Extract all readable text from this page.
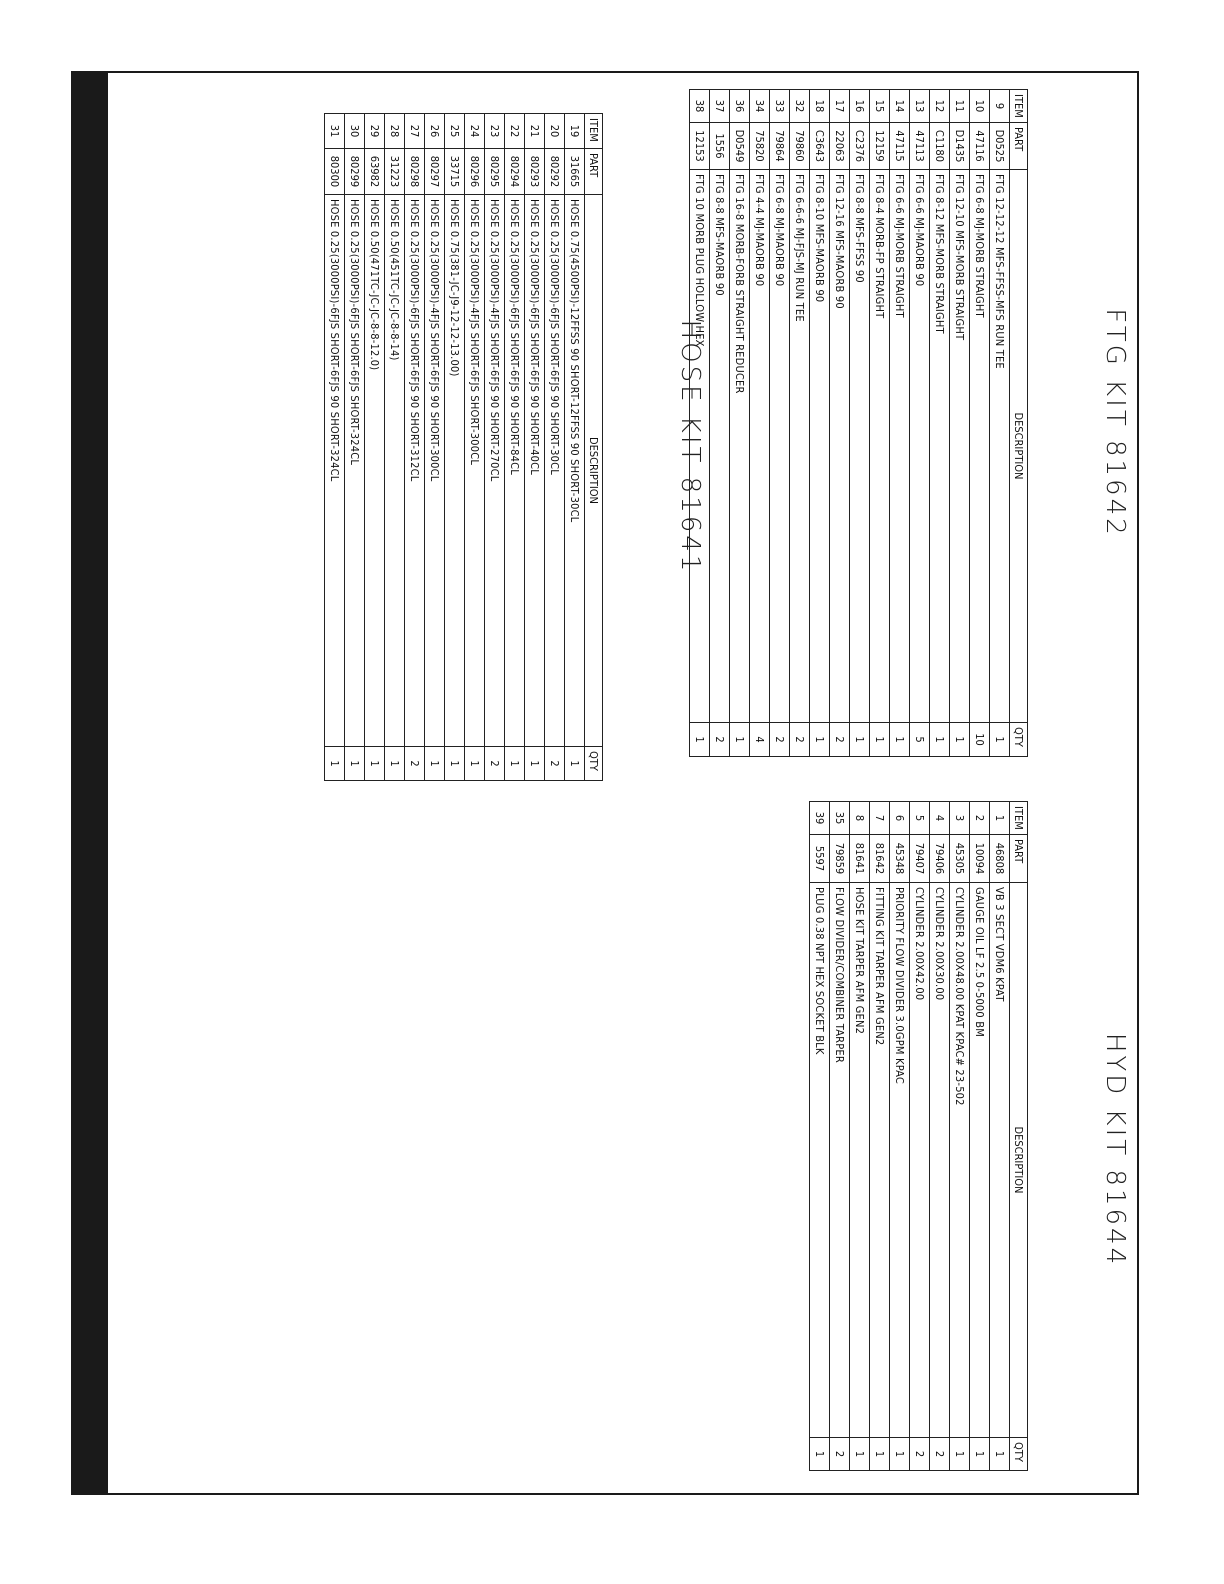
FTG KIT 81642
ITEM	PART	DESCRIPTION	QTY
9	D0525	FTG 12-12-12 MFS-FFSS-MFS RUN TEE	1
10	47116	FTG 6-8 MJ-MORB STRAIGHT	10
11	D1435	FTG 12-10 MFS-MORB STRAIGHT	1
12	C1180	FTG 8-12 MFS-MORB STRAIGHT	1
13	47113	FTG 6-6 MJ-MAORB 90	5
14	47115	FTG 6-6 MJ-MORB STRAIGHT	1
15	12159	FTG 8-4 MORB-FP STRAIGHT	1
16	C2376	FTG 8-8 MFS-FFSS 90	1
17	22063	FTG 12-16 MFS-MAORB 90	2
18	C3643	FTG 8-10 MFS-MAORB 90	1
32	79860	FTG 6-6-6 MJ-FJS-MJ RUN TEE	2
33	79864	FTG 6-8 MJ-MAORB 90	2
34	75820	FTG 4-4 MJ-MAORB 90	4
36	D0549	FTG 16-8 MORB-FORB STRAIGHT REDUCER	1
37	1556	FTG 8-8 MFS-MAORB 90	2
38	12153	FTG 10 MORB PLUG HOLLOW HEX	1
HYD KIT 81644
ITEM	PART	DESCRIPTION	QTY
1	46808	VB 3 SECT VDM6 KPAT	1
2	10094	GAUGE OIL LF 2.5 0-5000 BM	1
3	45305	CYLINDER 2.00X48.00 KPAT KPAC# 23-502	1
4	79406	CYLINDER 2.00X30.00	2
5	79407	CYLINDER 2.00X42.00	2
6	45348	PRIORITY FLOW DIVIDER 3.0GPM KPAC	1
7	81642	FITTING KIT TARPER AFM GEN2	1
8	81641	HOSE KIT TARPER AFM GEN2	1
35	79859	FLOW DIVIDER/COMBINER TARPER	2
39	5597	PLUG 0.38 NPT HEX SOCKET BLK	1
HOSE KIT 81641
ITEM	PART	DESCRIPTION	QTY
19	31665	HOSE 0.75(4500PSI)-12FFSS 90 SHORT-12FFSS 90 SHORT-30CL	1
20	80292	HOSE 0.25(3000PSI)-6FJS SHORT-6FJS 90 SHORT-30CL	2
21	80293	HOSE 0.25(3000PSI)-6FJS SHORT-6FJS 90 SHORT-40CL	1
22	80294	HOSE 0.25(3000PSI)-6FJS SHORT-6FJS 90 SHORT-84CL	1
23	80295	HOSE 0.25(3000PSI)-4FJS SHORT-6FJS 90 SHORT-270CL	2
24	80296	HOSE 0.25(3000PSI)-4FJS SHORT-6FJS SHORT-300CL	1
25	33715	HOSE 0.75(381-JC-J9-12-12-13.00)	1
26	80297	HOSE 0.25(3000PSI)-4FJS SHORT-6FJS 90 SHORT-300CL	1
27	80298	HOSE 0.25(3000PSI)-6FJS SHORT-6FJS 90 SHORT-312CL	2
28	31223	HOSE 0.50(451TC-JC-JC-8-8-14)	1
29	63982	HOSE 0.50(471TC-JC-JC-8-8-12.0)	1
30	80299	HOSE 0.25(3000PSI)-6FJS SHORT-6FJS SHORT-324CL	1
31	80300	HOSE 0.25(3000PSI)-6FJS SHORT-6FJS 90 SHORT-324CL	1
